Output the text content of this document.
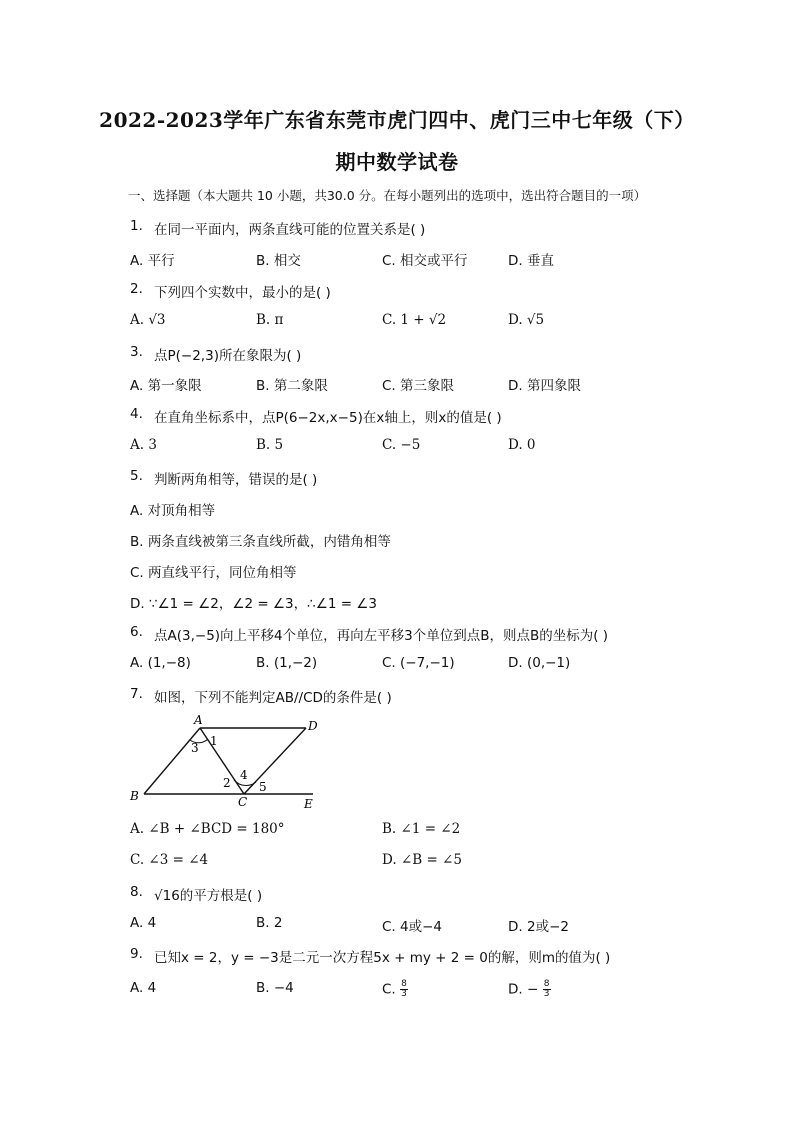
2022-2023学年广东省东莞市虎门四中、虎门三中七年级（下）
期中数学试卷
一、选择题（本大题共 10 小题，共30.0 分。在每小题列出的选项中，选出符合题目的一项）
1. 在同一平面内，两条直线可能的位置关系是( )
A. 平行	B. 相交	C. 相交或平行	D. 垂直
2. 下列四个实数中，最小的是( )
A. √3	B. π	C. 1 + √2	D. √5
3. 点P(−2,3)所在象限为( )
A. 第一象限	B. 第二象限	C. 第三象限	D. 第四象限
4. 在直角坐标系中，点P(6−2x,x−5)在x轴上，则x的值是( )
A. 3	B. 5	C. −5	D. 0
5. 判断两角相等，错误的是( )
A. 对顶角相等
B. 两条直线被第三条直线所截，内错角相等
C. 两直线平行，同位角相等
D. ∵∠1 = ∠2，∠2 = ∠3，∴∠1 = ∠3
6. 点A(3,−5)向上平移4个单位，再向左平移3个单位到点B，则点B的坐标为( )
A. (1,−8)	B. (1,−2)	C. (−7,−1)	D. (0,−1)
7. 如图，下列不能判定AB//CD的条件是( )
A	D
B	C	E
1
2
3
4
5
A. ∠B + ∠BCD = 180°	B. ∠1 = ∠2
C. ∠3 = ∠4	D. ∠B = ∠5
8. √16的平方根是( )
A. 4	B. 2	C. 4或−4	D. 2或−2
9. 已知x = 2，y = −3是二元一次方程5x + my + 2 = 0的解，则m的值为( )
A. 4	B. −4	C. $\frac{8}{3}$	D. − $\frac{8}{3}$
